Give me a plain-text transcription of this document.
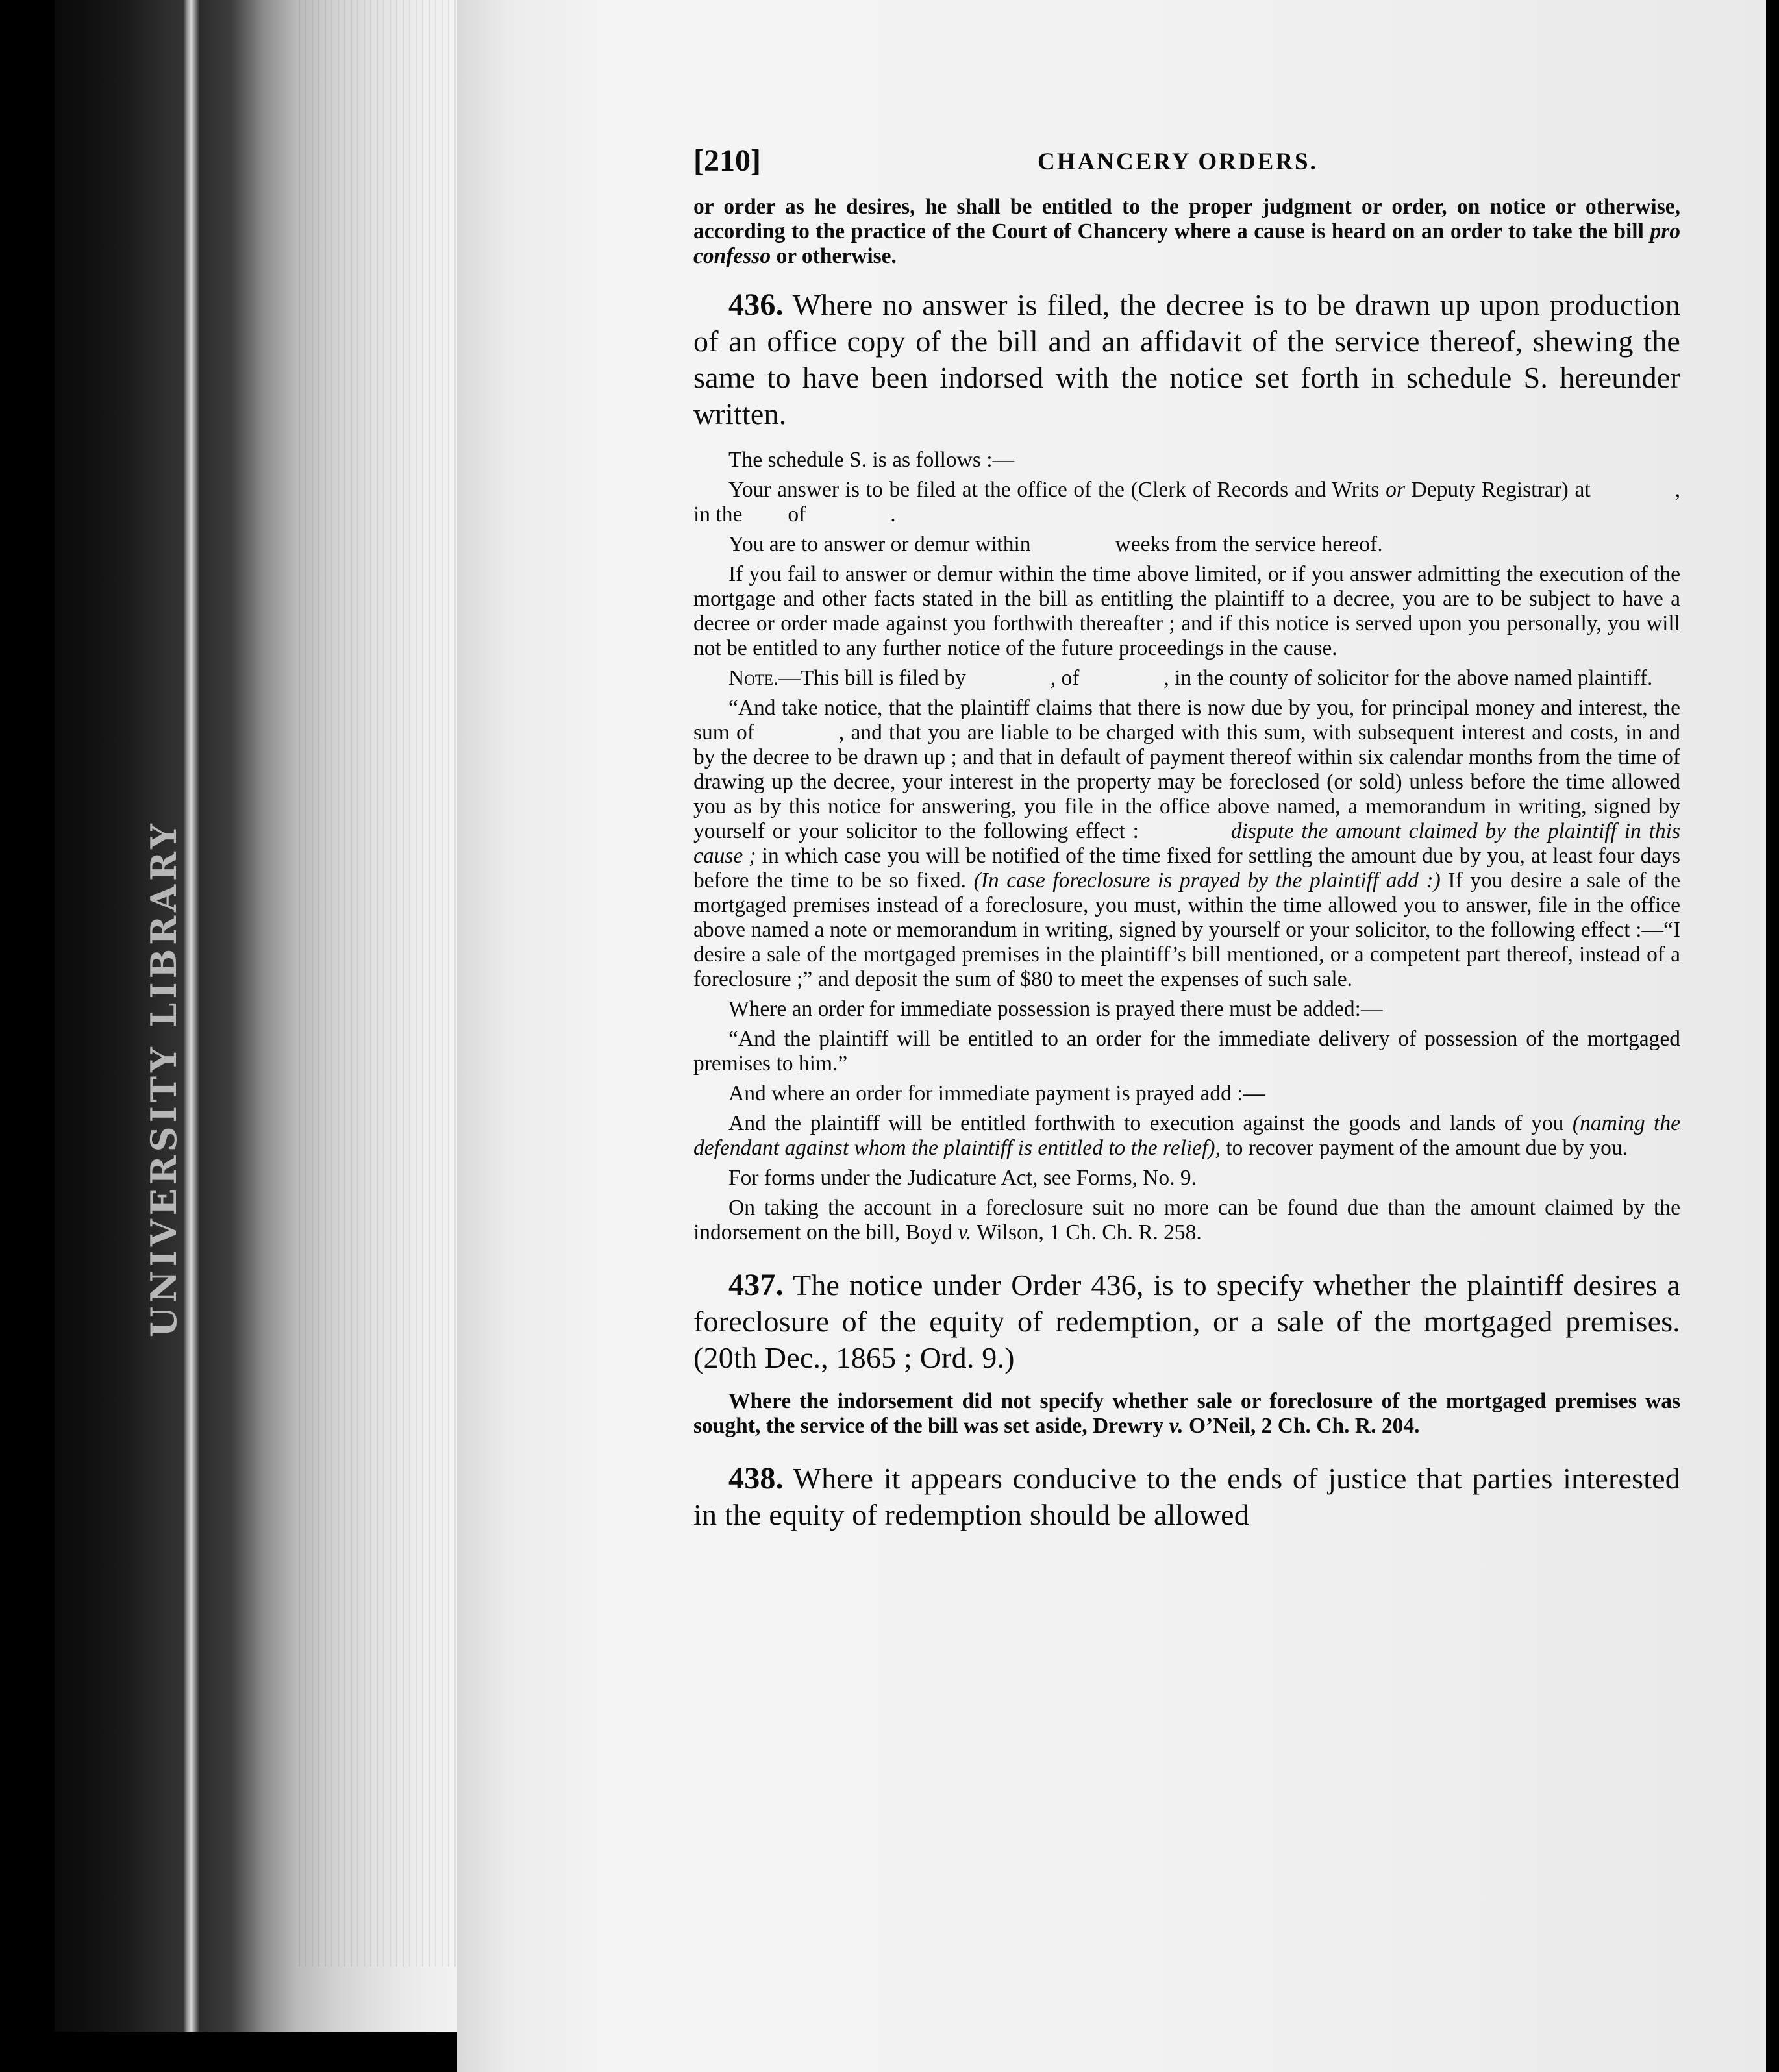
UNIVERSITY LIBRARY
[210]	CHANCERY ORDERS.
or order as he desires, he shall be entitled to the proper judgment or order, on notice or otherwise, according to the practice of the Court of Chancery where a cause is heard on an order to take the bill pro confesso or otherwise.
436. Where no answer is filed, the decree is to be drawn up upon production of an office copy of the bill and an affidavit of the service thereof, shewing the same to have been indorsed with the notice set forth in schedule S. hereunder written.
The schedule S. is as follows :—
Your answer is to be filed at the office of the (Clerk of Records and Writs or Deputy Registrar) at	, in the of	.
You are to answer or demur within	weeks from the service hereof.
If you fail to answer or demur within the time above limited, or if you answer admitting the execution of the mortgage and other facts stated in the bill as entitling the plaintiff to a decree, you are to be subject to have a decree or order made against you forthwith thereafter ; and if this notice is served upon you personally, you will not be entitled to any further notice of the future proceedings in the cause.
Note.—This bill is filed by	, of	, in the county of solicitor for the above named plaintiff.
“And take notice, that the plaintiff claims that there is now due by you, for principal money and interest, the sum of	, and that you are liable to be charged with this sum, with subsequent interest and costs, in and by the decree to be drawn up ; and that in default of payment thereof within six calendar months from the time of drawing up the decree, your interest in the property may be foreclosed (or sold) unless before the time allowed you as by this notice for answering, you file in the office above named, a memorandum in writing, signed by yourself or your solicitor to the following effect :	dispute the amount claimed by the plaintiff in this cause ; in which case you will be notified of the time fixed for settling the amount due by you, at least four days before the time to be so fixed. (In case foreclosure is prayed by the plaintiff add :) If you desire a sale of the mortgaged premises instead of a foreclosure, you must, within the time allowed you to answer, file in the office above named a note or memorandum in writing, signed by yourself or your solicitor, to the following effect :—“I desire a sale of the mortgaged premises in the plaintiff’s bill mentioned, or a competent part thereof, instead of a foreclosure ;” and deposit the sum of $80 to meet the expenses of such sale.
Where an order for immediate possession is prayed there must be added:—
“And the plaintiff will be entitled to an order for the immediate delivery of possession of the mortgaged premises to him.”
And where an order for immediate payment is prayed add :—
And the plaintiff will be entitled forthwith to execution against the goods and lands of you (naming the defendant against whom the plaintiff is entitled to the relief), to recover payment of the amount due by you.
For forms under the Judicature Act, see Forms, No. 9.
On taking the account in a foreclosure suit no more can be found due than the amount claimed by the indorsement on the bill, Boyd v. Wilson, 1 Ch. Ch. R. 258.
437. The notice under Order 436, is to specify whether the plaintiff desires a foreclosure of the equity of redemption, or a sale of the mortgaged premises. (20th Dec., 1865 ; Ord. 9.)
Where the indorsement did not specify whether sale or foreclosure of the mortgaged premises was sought, the service of the bill was set aside, Drewry v. O’Neil, 2 Ch. Ch. R. 204.
438. Where it appears conducive to the ends of justice that parties interested in the equity of redemption should be allowed
